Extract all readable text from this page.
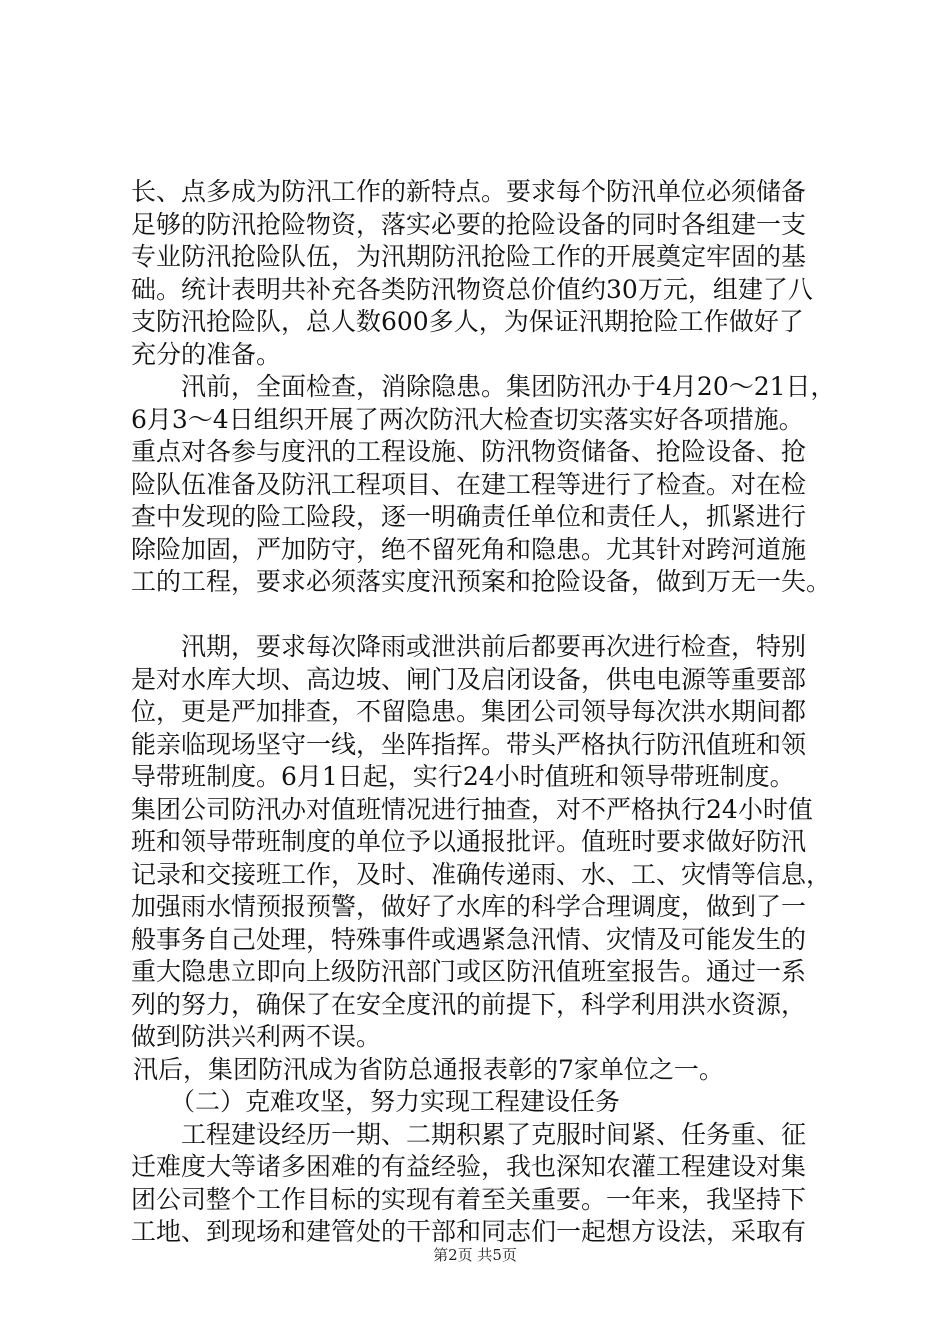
长、点多成为防汛工作的新特点。要求每个防汛单位必须储备
足够的防汛抢险物资，落实必要的抢险设备的同时各组建一支
专业防汛抢险队伍，为汛期防汛抢险工作的开展奠定牢固的基
础。统计表明共补充各类防汛物资总价值约30万元，组建了八
支防汛抢险队，总人数600多人，为保证汛期抢险工作做好了
充分的准备。
汛前，全面检查，消除隐患。集团防汛办于4月20～21日，
6月3～4日组织开展了两次防汛大检查切实落实好各项措施。
重点对各参与度汛的工程设施、防汛物资储备、抢险设备、抢
险队伍准备及防汛工程项目、在建工程等进行了检查。对在检
查中发现的险工险段，逐一明确责任单位和责任人，抓紧进行
除险加固，严加防守，绝不留死角和隐患。尤其针对跨河道施
工的工程，要求必须落实度汛预案和抢险设备，做到万无一失。
汛期，要求每次降雨或泄洪前后都要再次进行检查，特别
是对水库大坝、高边坡、闸门及启闭设备，供电电源等重要部
位，更是严加排查，不留隐患。集团公司领导每次洪水期间都
能亲临现场坚守一线，坐阵指挥。带头严格执行防汛值班和领
导带班制度。6月1日起，实行24小时值班和领导带班制度。
集团公司防汛办对值班情况进行抽查，对不严格执行24小时值
班和领导带班制度的单位予以通报批评。值班时要求做好防汛
记录和交接班工作，及时、准确传递雨、水、工、灾情等信息，
加强雨水情预报预警，做好了水库的科学合理调度，做到了一
般事务自己处理，特殊事件或遇紧急汛情、灾情及可能发生的
重大隐患立即向上级防汛部门或区防汛值班室报告。通过一系
列的努力，确保了在安全度汛的前提下，科学利用洪水资源，
做到防洪兴利两不误。
汛后，集团防汛成为省防总通报表彰的7家单位之一。
（二）克难攻坚，努力实现工程建设任务
工程建设经历一期、二期积累了克服时间紧、任务重、征
迁难度大等诸多困难的有益经验，我也深知农灌工程建设对集
团公司整个工作目标的实现有着至关重要。一年来，我坚持下
工地、到现场和建管处的干部和同志们一起想方设法，采取有
第2页 共5页
